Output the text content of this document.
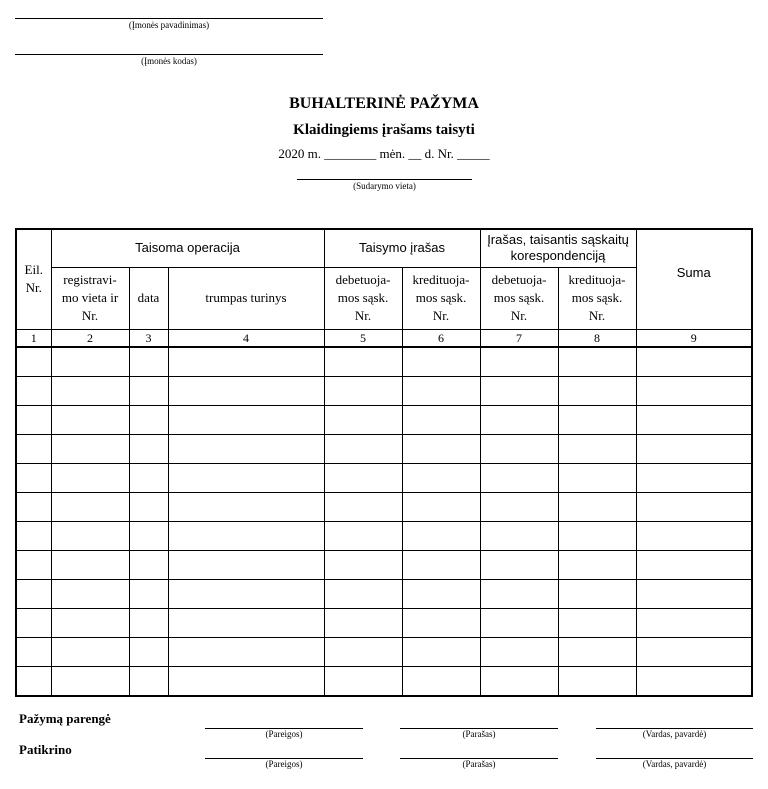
(Įmonės pavadinimas)
(Įmonės kodas)
BUHALTERINĖ PAŽYMA
Klaidingiems įrašams taisyti
2020 m. ________ mėn. __ d. Nr. _____
(Sudarymo vieta)
Eil. Nr.	Taisoma operacija			Taisymo įrašas		Įrašas, taisantis sąskaitų korespondenciją		Suma
	registravi-mo vieta ir Nr.	data	trumpas turinys	debetuoja-mos sąsk. Nr.	kredituoja-mos sąsk. Nr.	debetuoja-mos sąsk. Nr.	kredituoja-mos sąsk. Nr.	
1	2	3	4	5	6	7	8	9

Pažymą parengė
(Pareigos)	(Parašas)	(Vardas, pavardė)
Patikrino
(Pareigos)	(Parašas)	(Vardas, pavardė)
